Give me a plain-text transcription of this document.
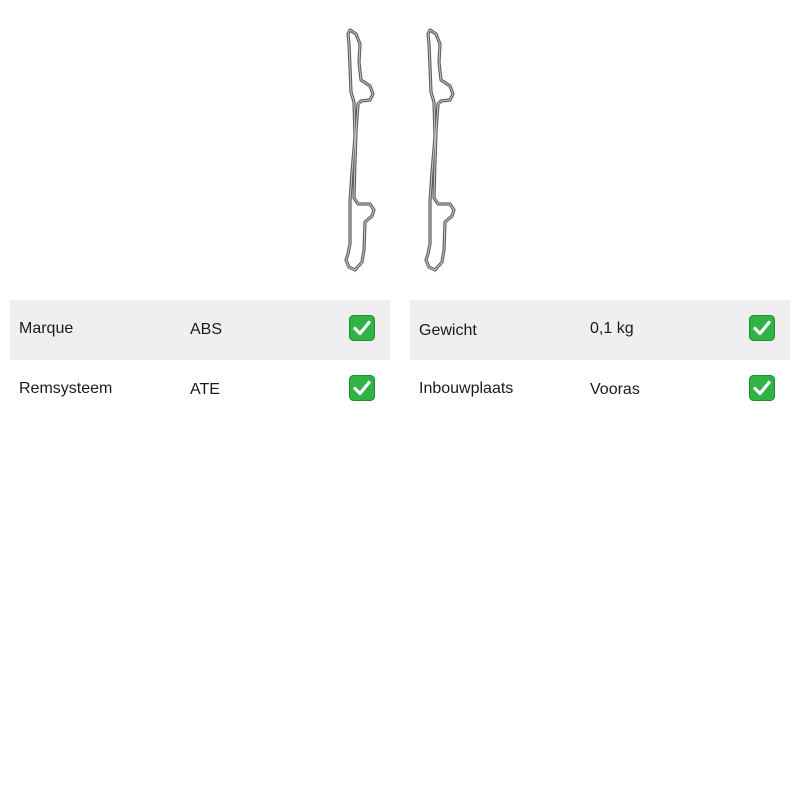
Marque	ABS
Remsysteem	ATE
Gewicht	0,1 kg
Inbouwplaats	Vooras
